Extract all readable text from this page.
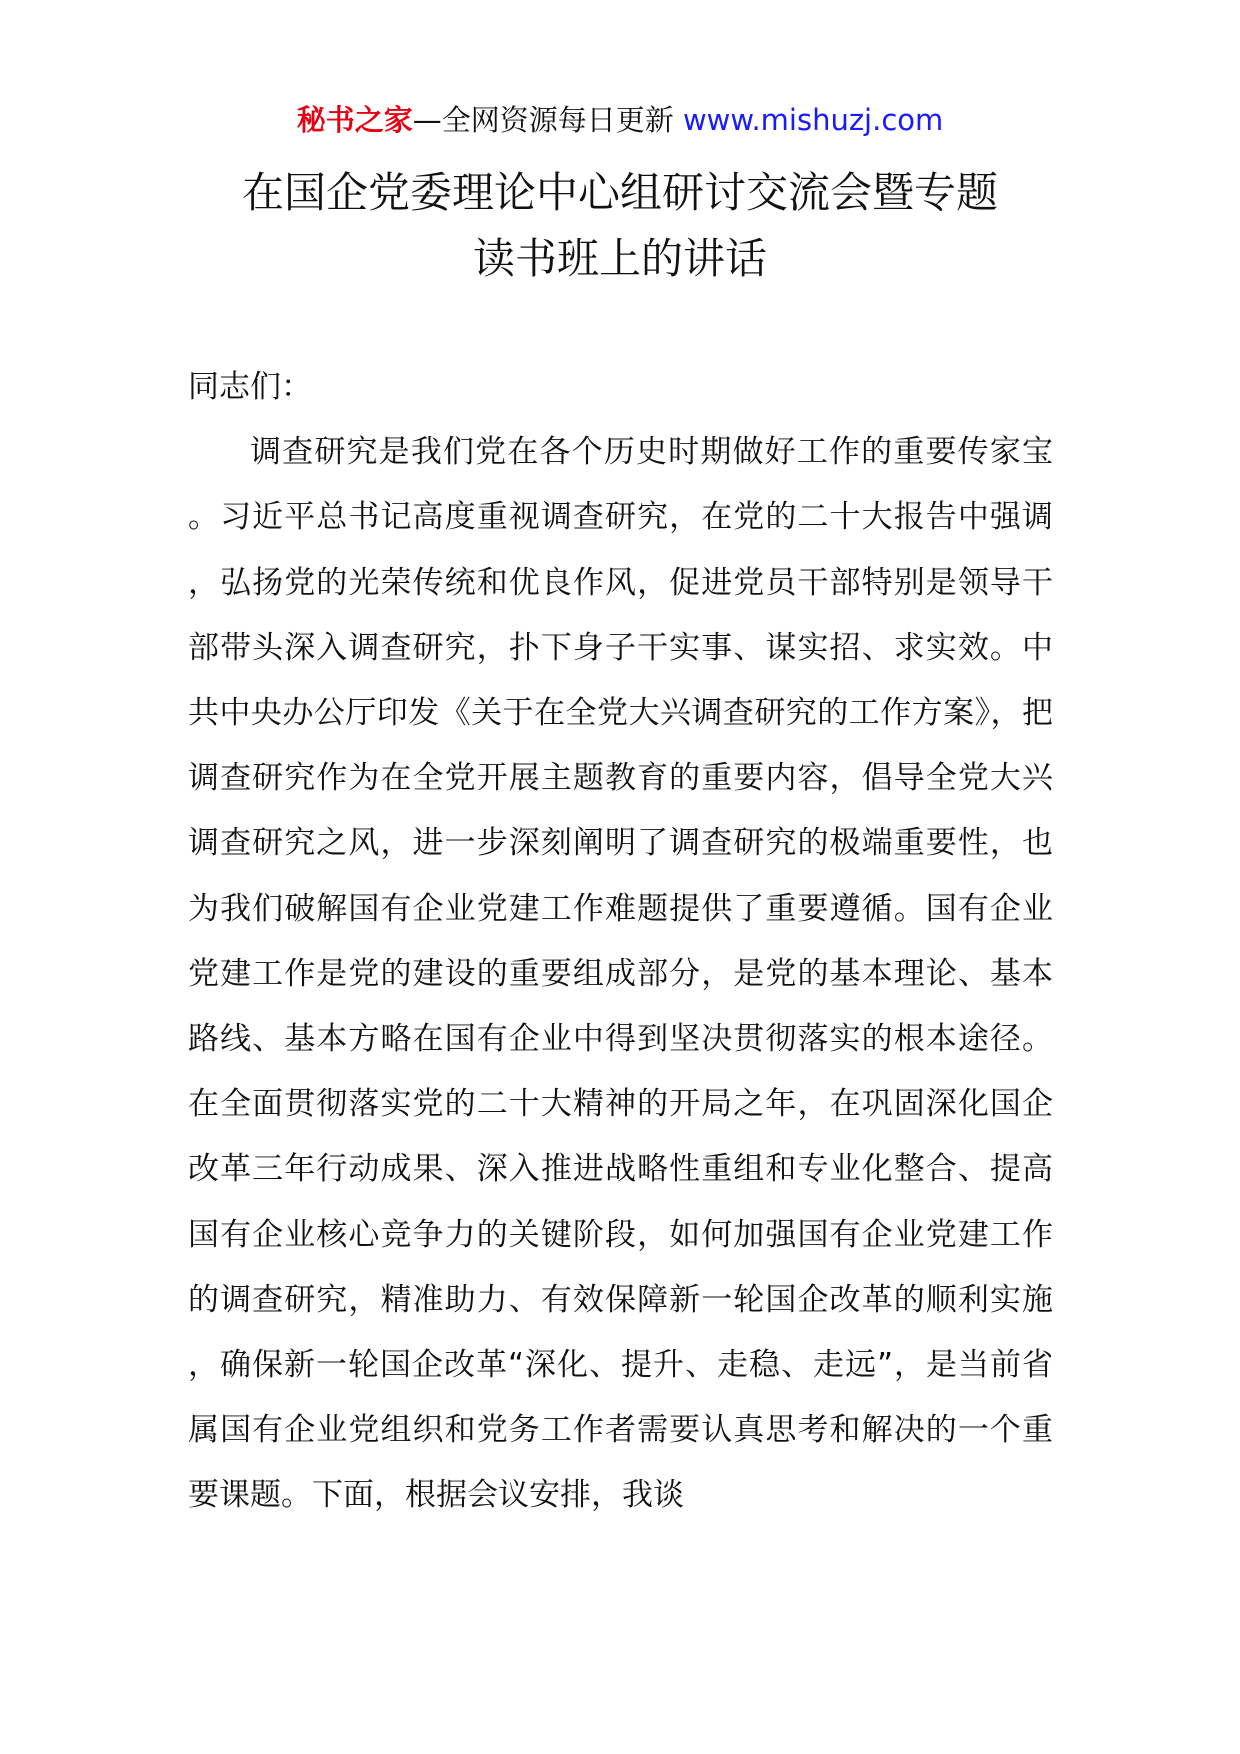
秘书之家—全网资源每日更新 www.mishuzj.com
在国企党委理论中心组研讨交流会暨专题
读书班上的讲话

同志们：

调查研究是我们党在各个历史时期做好工作的重要传家宝。习近平总书记高度重视调查研究，在党的二十大报告中强调，弘扬党的光荣传统和优良作风，促进党员干部特别是领导干部带头深入调查研究，扑下身子干实事、谋实招、求实效。中共中央办公厅印发《关于在全党大兴调查研究的工作方案》，把调查研究作为在全党开展主题教育的重要内容，倡导全党大兴调查研究之风，进一步深刻阐明了调查研究的极端重要性，也为我们破解国有企业党建工作难题提供了重要遵循。国有企业党建工作是党的建设的重要组成部分，是党的基本理论、基本路线、基本方略在国有企业中得到坚决贯彻落实的根本途径。在全面贯彻落实党的二十大精神的开局之年，在巩固深化国企改革三年行动成果、深入推进战略性重组和专业化整合、提高国有企业核心竞争力的关键阶段，如何加强国有企业党建工作的调查研究，精准助力、有效保障新一轮国企改革的顺利实施，确保新一轮国企改革“深化、提升、走稳、走远”，是当前省属国有企业党组织和党务工作者需要认真思考和解决的一个重要课题。下面，根据会议安排，我谈
